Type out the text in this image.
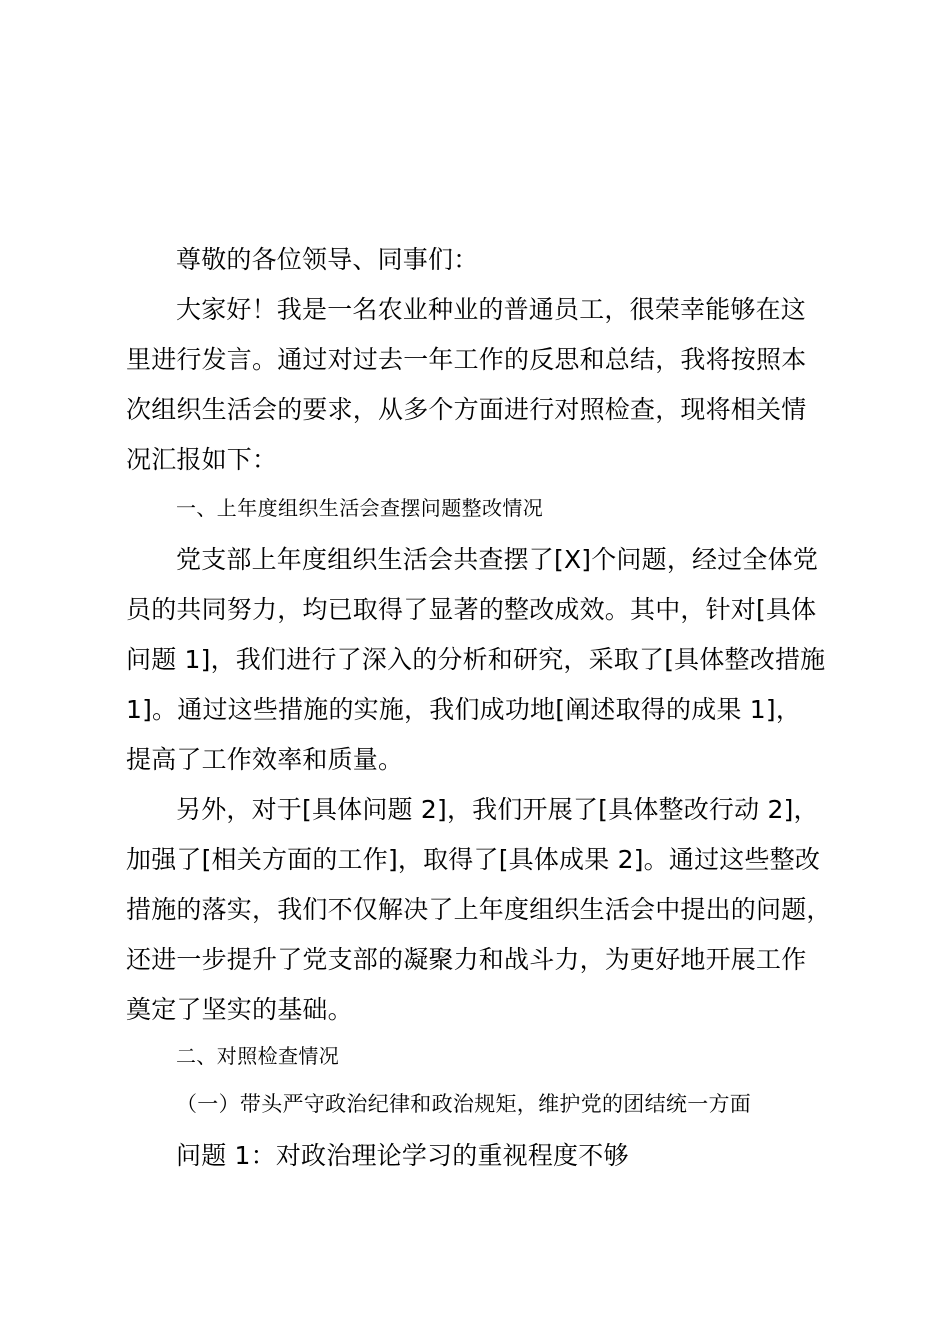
尊敬的各位领导、同事们：

大家好！我是一名农业种业的普通员工，很荣幸能够在这

里进行发言。通过对过去一年工作的反思和总结，我将按照本

次组织生活会的要求，从多个方面进行对照检查，现将相关情

况汇报如下：

一、上年度组织生活会查摆问题整改情况

党支部上年度组织生活会共查摆了[X]个问题，经过全体党

员的共同努力，均已取得了显著的整改成效。其中，针对[具体

问题 1]，我们进行了深入的分析和研究，采取了[具体整改措施

1]。通过这些措施的实施，我们成功地[阐述取得的成果 1]，

提高了工作效率和质量。

另外，对于[具体问题 2]，我们开展了[具体整改行动 2]，

加强了[相关方面的工作]，取得了[具体成果 2]。通过这些整改

措施的落实，我们不仅解决了上年度组织生活会中提出的问题，

还进一步提升了党支部的凝聚力和战斗力，为更好地开展工作

奠定了坚实的基础。

二、对照检查情况

（一）带头严守政治纪律和政治规矩，维护党的团结统一方面

问题 1：对政治理论学习的重视程度不够
